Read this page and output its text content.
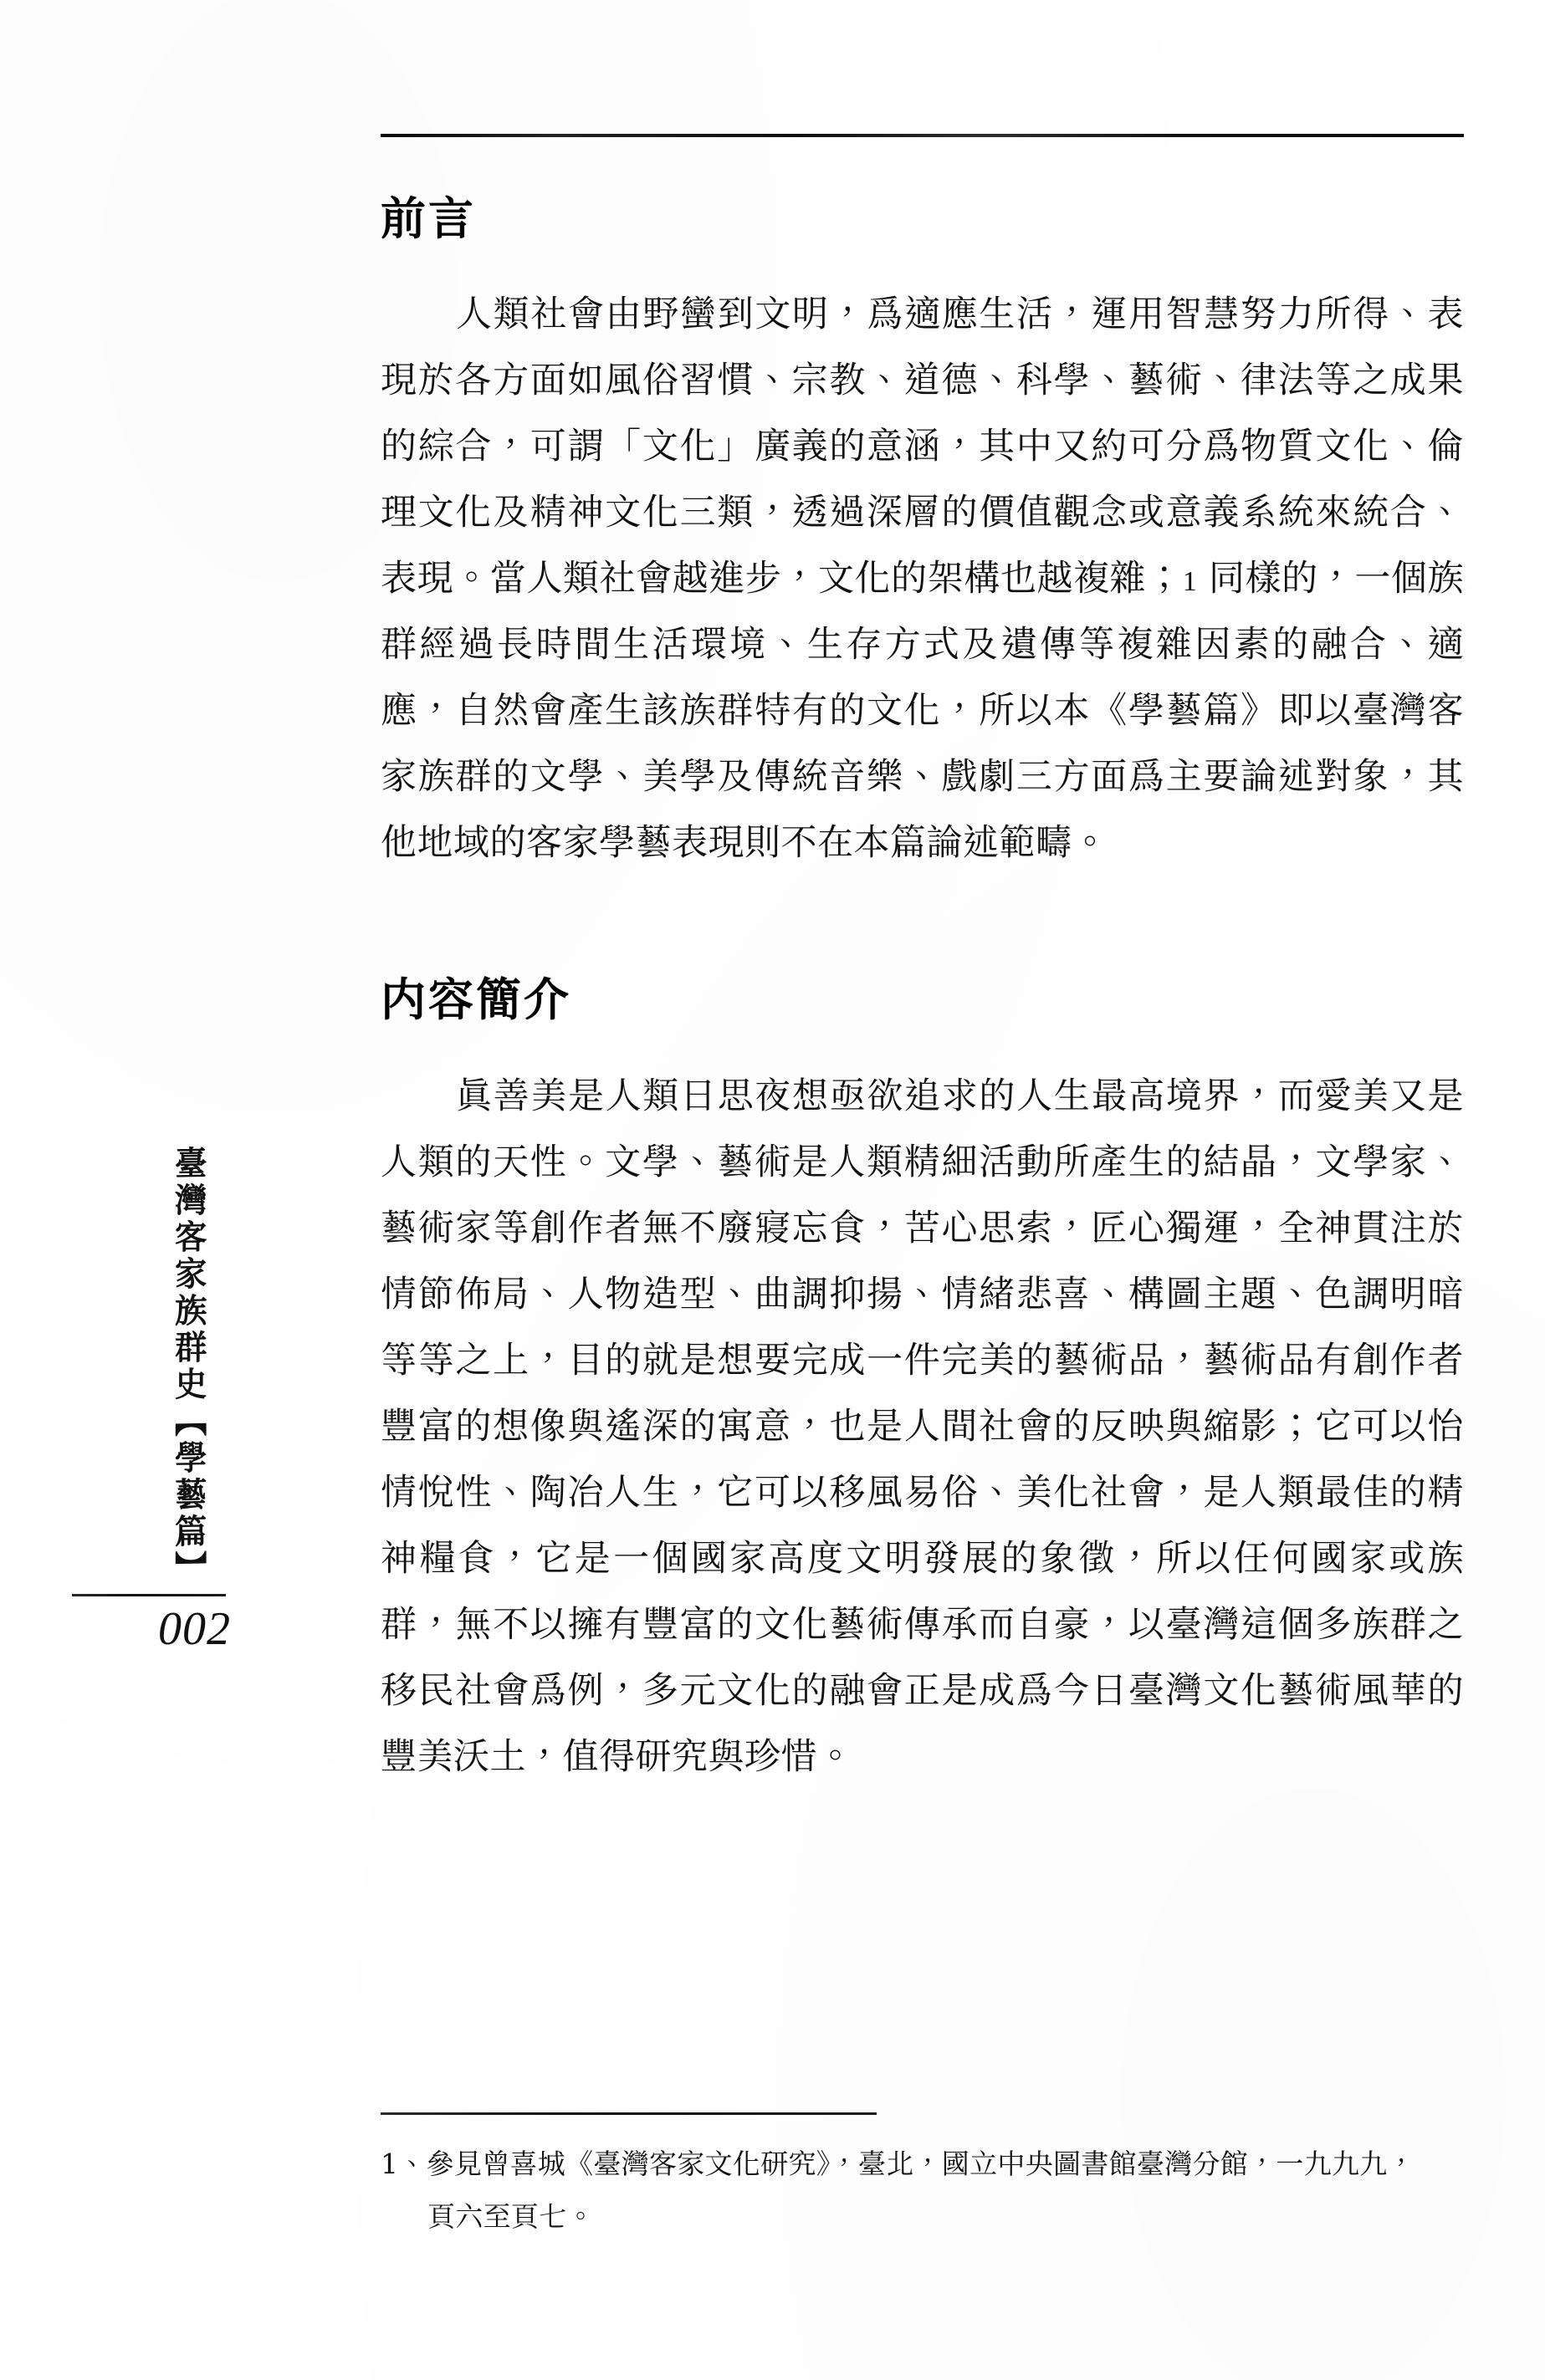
臺灣客家族群史【學藝篇】
002
前言

人類社會由野蠻到文明，爲適應生活，運用智慧努力所得、表現於各方面如風俗習慣、宗教、道德、科學、藝術、律法等之成果的綜合，可謂「文化」廣義的意涵，其中又約可分爲物質文化、倫理文化及精神文化三類，透過深層的價值觀念或意義系統來統合、表現。當人類社會越進步，文化的架構也越複雜；1 同樣的，一個族群經過長時間生活環境、生存方式及遺傳等複雜因素的融合、適應，自然會產生該族群特有的文化，所以本《學藝篇》即以臺灣客家族群的文學、美學及傳統音樂、戲劇三方面爲主要論述對象，其他地域的客家學藝表現則不在本篇論述範疇。

内容簡介

眞善美是人類日思夜想亟欲追求的人生最高境界，而愛美又是人類的天性。文學、藝術是人類精細活動所產生的結晶，文學家、藝術家等創作者無不廢寢忘食，苦心思索，匠心獨運，全神貫注於情節佈局、人物造型、曲調抑揚、情緒悲喜、構圖主題、色調明暗等等之上，目的就是想要完成一件完美的藝術品，藝術品有創作者豐富的想像與遙深的寓意，也是人間社會的反映與縮影；它可以怡情悅性、陶冶人生，它可以移風易俗、美化社會，是人類最佳的精神糧食，它是一個國家高度文明發展的象徵，所以任何國家或族群，無不以擁有豐富的文化藝術傳承而自豪，以臺灣這個多族群之移民社會爲例，多元文化的融會正是成爲今日臺灣文化藝術風華的豐美沃土，值得研究與珍惜。

1、參見曾喜城《臺灣客家文化研究》，臺北，國立中央圖書館臺灣分館，一九九九，
頁六至頁七。
